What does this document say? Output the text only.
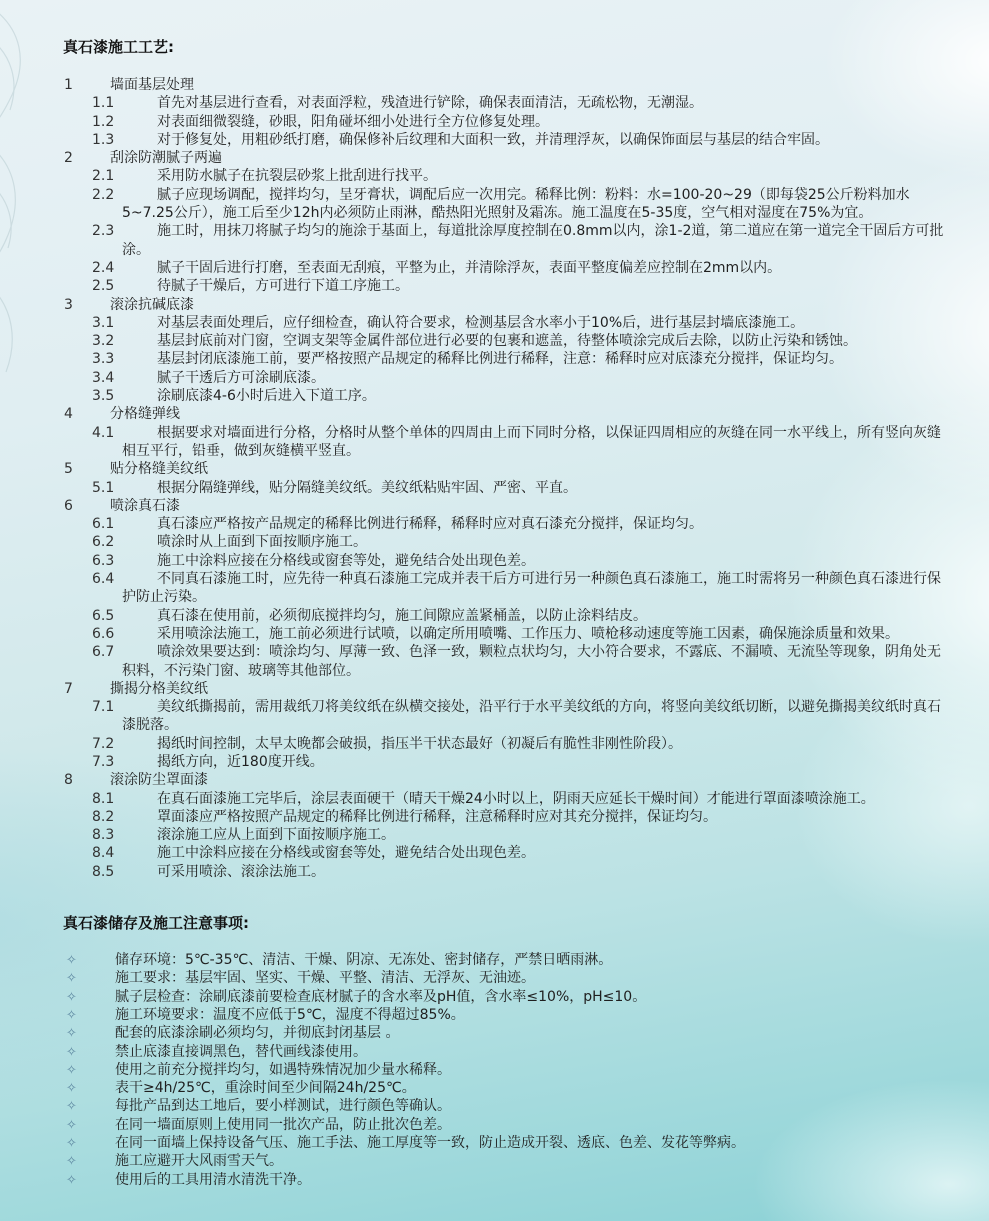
真石漆施工工艺:
1	墙面基层处理
1.1	首先对基层进行查看，对表面浮粒，残渣进行铲除，确保表面清洁，无疏松物，无潮湿。
1.2	对表面细微裂缝，砂眼，阳角碰坏细小处进行全方位修复处理。
1.3	对于修复处，用粗砂纸打磨，确保修补后纹理和大面积一致，并清理浮灰，以确保饰面层与基层的结合牢固。
2	刮涂防潮腻子两遍
2.1	采用防水腻子在抗裂层砂浆上批刮进行找平。
2.2	腻子应现场调配，搅拌均匀，呈牙膏状，调配后应一次用完。稀释比例：粉料：水=100-20~29（即每袋25公斤粉料加水5~7.25公斤），施工后至少12h内必须防止雨淋，酷热阳光照射及霜冻。施工温度在5-35度，空气相对湿度在75%为宜。
2.3	施工时，用抹刀将腻子均匀的施涂于基面上，每道批涂厚度控制在0.8mm以内，涂1-2道，第二道应在第一道完全干固后方可批涂。
2.4	腻子干固后进行打磨，至表面无刮痕，平整为止，并清除浮灰，表面平整度偏差应控制在2mm以内。
2.5	待腻子干燥后，方可进行下道工序施工。
3	滚涂抗碱底漆
3.1	对基层表面处理后，应仔细检查，确认符合要求，检测基层含水率小于10%后，进行基层封墙底漆施工。
3.2	基层封底前对门窗，空调支架等金属件部位进行必要的包裹和遮盖，待整体喷涂完成后去除，以防止污染和锈蚀。
3.3	基层封闭底漆施工前，要严格按照产品规定的稀释比例进行稀释，注意：稀释时应对底漆充分搅拌，保证均匀。
3.4	腻子干透后方可涂刷底漆。
3.5	涂刷底漆4-6小时后进入下道工序。
4	分格缝弹线
4.1	根据要求对墙面进行分格，分格时从整个单体的四周由上而下同时分格，以保证四周相应的灰缝在同一水平线上，所有竖向灰缝相互平行，铅垂，做到灰缝横平竖直。
5	贴分格缝美纹纸
5.1	根据分隔缝弹线，贴分隔缝美纹纸。美纹纸粘贴牢固、严密、平直。
6	喷涂真石漆
6.1	真石漆应严格按产品规定的稀释比例进行稀释，稀释时应对真石漆充分搅拌，保证均匀。
6.2	喷涂时从上面到下面按顺序施工。
6.3	施工中涂料应接在分格线或窗套等处，避免结合处出现色差。
6.4	不同真石漆施工时，应先待一种真石漆施工完成并表干后方可进行另一种颜色真石漆施工，施工时需将另一种颜色真石漆进行保护防止污染。
6.5	真石漆在使用前，必须彻底搅拌均匀，施工间隙应盖紧桶盖，以防止涂料结皮。
6.6	采用喷涂法施工，施工前必须进行试喷，以确定所用喷嘴、工作压力、喷枪移动速度等施工因素，确保施涂质量和效果。
6.7	喷涂效果要达到：喷涂均匀、厚薄一致、色泽一致，颗粒点状均匀，大小符合要求，不露底、不漏喷、无流坠等现象，阴角处无积料，不污染门窗、玻璃等其他部位。
7	撕揭分格美纹纸
7.1	美纹纸撕揭前，需用裁纸刀将美纹纸在纵横交接处，沿平行于水平美纹纸的方向，将竖向美纹纸切断，以避免撕揭美纹纸时真石漆脱落。
7.2	揭纸时间控制，太早太晚都会破损，指压半干状态最好（初凝后有脆性非刚性阶段）。
7.3	揭纸方向，近180度开线。
8	滚涂防尘罩面漆
8.1	在真石面漆施工完毕后，涂层表面硬干（晴天干燥24小时以上，阴雨天应延长干燥时间）才能进行罩面漆喷涂施工。
8.2	罩面漆应严格按照产品规定的稀释比例进行稀释，注意稀释时应对其充分搅拌，保证均匀。
8.3	滚涂施工应从上面到下面按顺序施工。
8.4	施工中涂料应接在分格线或窗套等处，避免结合处出现色差。
8.5	可采用喷涂、滚涂法施工。
真石漆储存及施工注意事项:
✧	储存环境：5℃-35℃、清洁、干燥、阴凉、无冻处、密封储存，严禁日晒雨淋。
✧	施工要求：基层牢固、坚实、干燥、平整、清洁、无浮灰、无油迹。
✧	腻子层检查：涂刷底漆前要检查底材腻子的含水率及pH值，含水率≤10%，pH≤10。
✧	施工环境要求：温度不应低于5℃，湿度不得超过85%。
✧	配套的底漆涂刷必须均匀，并彻底封闭基层 。
✧	禁止底漆直接调黑色，替代画线漆使用。
✧	使用之前充分搅拌均匀，如遇特殊情况加少量水稀释。
✧	表干≥4h/25℃，重涂时间至少间隔24h/25℃。
✧	每批产品到达工地后，要小样测试，进行颜色等确认。
✧	在同一墙面原则上使用同一批次产品，防止批次色差。
✧	在同一面墙上保持设备气压、施工手法、施工厚度等一致，防止造成开裂、透底、色差、发花等弊病。
✧	施工应避开大风雨雪天气。
✧	使用后的工具用清水清洗干净。
